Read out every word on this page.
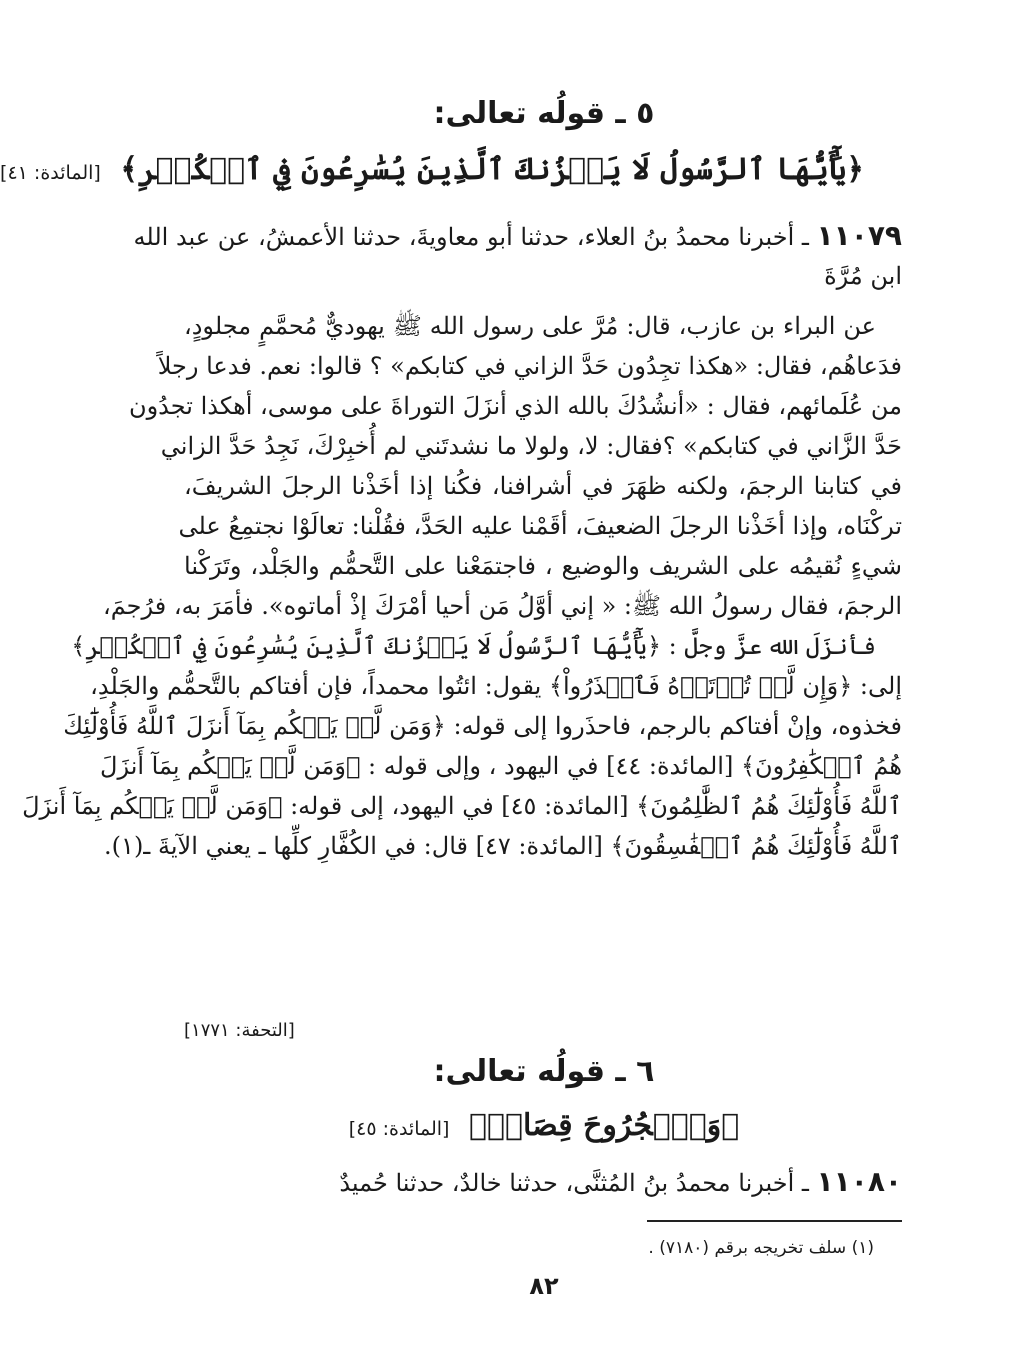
٥ ـ قولُه تعالى:
﴿يَٰٓأَيُّهَا ٱلرَّسُولُ لَا يَحۡزُنكَ ٱلَّذِينَ يُسَٰرِعُونَ فِي ٱلۡكُفۡرِ﴾ [المائدة: ٤١]
١١٠٧٩ ـ أخبرنا محمدُ بنُ العلاء، حدثنا أبو معاويةَ، حدثنا الأعمشُ، عن عبد الله
ابن مُرَّةَ
عن البراء بن عازب، قال: مُرَّ على رسول الله ﷺ يهوديٌّ مُحمَّمٍ مجلودٍ،
فدَعاهُم، فقال: «هكذا تجِدُون حَدَّ الزاني في كتابكم» ؟ قالوا: نعم. فدعا رجلاً
من عُلَمائهم، فقال : «أنشُدُكَ بالله الذي أنزَلَ التوراةَ على موسى، أهكذا تجدُون
حَدَّ الزَّاني في كتابكم» ؟فقال: لا، ولولا ما نشدتَني لم أُخبِرْكَ، نَجِدُ حَدَّ الزاني
في كتابنا الرجمَ، ولكنه ظهَرَ في أشرافنا، فكُنا إذا أخَذْنا الرجلَ الشريفَ،
تركْنَاه، وإذا أخَذْنا الرجلَ الضعيفَ، أقَمْنا عليه الحَدَّ، فقُلْنا: تعالَوْا نجتمِعُ على
شيءٍ نُقيمُه على الشريف والوضيع ، فاجتمَعْنا على التَّحمُّم والجَلْد، وتَرَكْنا
الرجمَ، فقال رسولُ الله ﷺ: « إني أوَّلُ مَن أحيا أمْرَكَ إذْ أماتوه». فأمَرَ به، فرُجمَ،
فأنزَلَ الله عزَّ وجلَّ : ﴿يَٰٓأَيُّهَا ٱلرَّسُولُ لَا يَحۡزُنكَ ٱلَّذِينَ يُسَٰرِعُونَ فِي ٱلۡكُفۡرِ﴾
إلى: ﴿وَإِن لَّمۡ تُؤۡتَوۡهُ فَٱحۡذَرُواْ﴾ يقول: ائتُوا محمداً، فإن أفتاكم بالتَّحمُّم والجَلْدِ،
فخذوه، وإنْ أفتاكم بالرجم، فاحذَروا إلى قوله: ﴿وَمَن لَّمۡ يَحۡكُم بِمَآ أَنزَلَ ٱللَّهُ فَأُوْلَٰٓئِكَ
هُمُ ٱلۡكَٰفِرُونَ﴾ [المائدة: ٤٤] في اليهود ، وإلى قوله : ﴿وَمَن لَّمۡ يَحۡكُم بِمَآ أَنزَلَ
ٱللَّهُ فَأُوْلَٰٓئِكَ هُمُ ٱلظَّٰلِمُونَ﴾ [المائدة: ٤٥] في اليهود، إلى قوله: ﴿وَمَن لَّمۡ يَحۡكُم بِمَآ أَنزَلَ
ٱللَّهُ فَأُوْلَٰٓئِكَ هُمُ ٱلۡفَٰسِقُونَ﴾ [المائدة: ٤٧] قال: في الكُفَّارِ كلِّها ـ يعني الآيةَ ـ(١).
[التحفة: ١٧٧١]
٦ ـ قولُه تعالى:
﴿وَٱلۡجُرُوحَ قِصَاصٞ﴾ [المائدة: ٤٥]
١١٠٨٠ ـ أخبرنا محمدُ بنُ المُثنَّى، حدثنا خالدٌ، حدثنا حُميدٌ
(١) سلف تخريجه برقم (٧١٨٠) .
٨٢
